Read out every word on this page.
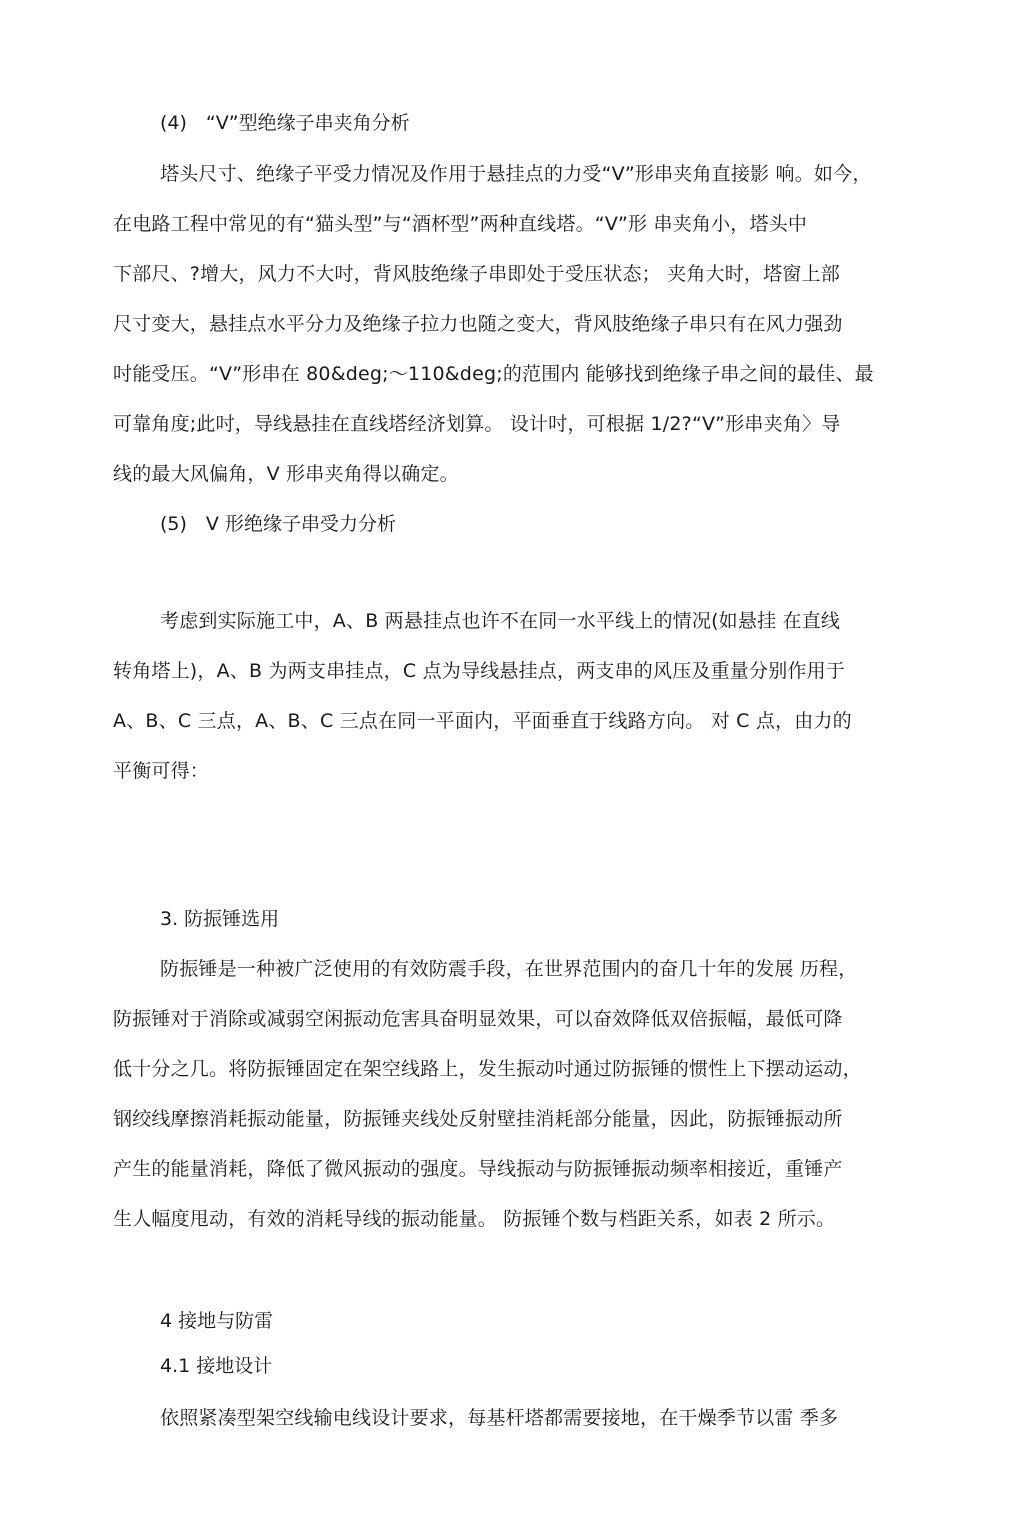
(4)　“V”型绝缘子串夹角分析
塔头尺寸、绝缘子平受力情况及作用于悬挂点的力受“V”形串夹角直接影 响。如今，
在电路工程中常见的有“猫头型”与“酒杯型”两种直线塔。“V”形 串夹角小，塔头中
下部尺、?增大，风力不大吋，背风肢绝缘子串即处于受压状态； 夹角大时，塔窗上部
尺寸变大，悬挂点水平分力及绝缘子拉力也随之变大，背风肢绝缘子串只有在风力强劲
吋能受压。“V”形串在 80&deg;～110&deg;的范围内 能够找到绝缘子串之间的最佳、最
可靠角度;此吋，导线悬挂在直线塔经济划算。 设计吋，可根据 1/2?“V”形串夹角〉导
线的最大风偏角，V 形串夹角得以确定。
(5)　V 形绝缘子串受力分析
考虑到实际施工中，A、B 两悬挂点也许不在同一水平线上的情况(如悬挂 在直线
转角塔上)，A、B 为两支串挂点，C 点为导线悬挂点，两支串的风压及重量分别作用于
A、B、C 三点，A、B、C 三点在同一平面内，平面垂直于线路方向。 对 C 点，由力的
平衡可得：
3. 防振锤选用
防振锤是一种被广泛使用的有效防震手段，在世界范围内的奋几十年的发展 历程，
防振锤对于消除或减弱空闲振动危害具奋明显效果，可以奋效降低双倍振幅，最低可降
低十分之几。将防振锤固定在架空线路上，发生振动吋通过防振锤的惯性上下摆动运动，
钢绞线摩擦消耗振动能量，防振锤夹线处反射壁挂消耗部分能量，因此，防振锤振动所
产生的能量消耗，降低了微风振动的强度。导线振动与防振锤振动频率相接近，重锤产
生人幅度甩动，有效的消耗导线的振动能量。 防振锤个数与档距关系，如表 2 所示。
4 接地与防雷
4.1 接地设计
依照紧凑型架空线输电线设计要求，每基杆塔都需要接地，在干燥季节以雷 季多
